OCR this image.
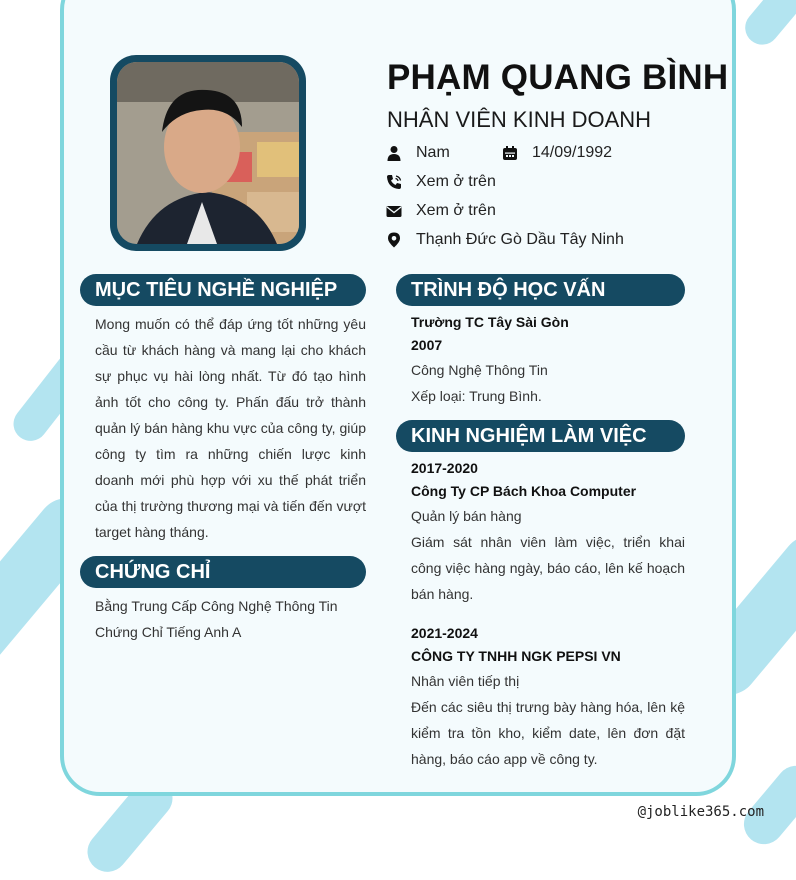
PHẠM QUANG BÌNH
NHÂN VIÊN KINH DOANH
Nam	14/09/1992
Xem ở trên
Xem ở trên
Thạnh Đức Gò Dầu Tây Ninh
MỤC TIÊU NGHỀ NGHIỆP
Mong muốn có thể đáp ứng tốt những yêu cầu từ khách hàng và mang lại cho khách sự phục vụ hài lòng nhất. Từ đó tạo hình ảnh tốt cho công ty. Phấn đấu trở thành quản lý bán hàng khu vực của công ty, giúp công ty tìm ra những chiến lược kinh doanh mới phù hợp với xu thế phát triển của thị trường thương mại và tiến đến vượt target hàng tháng.
CHỨNG CHỈ
Bằng Trung Cấp Công Nghệ Thông Tin
Chứng Chỉ Tiếng Anh A
TRÌNH ĐỘ HỌC VẤN
Trường TC Tây Sài Gòn
2007
Công Nghệ Thông Tin
Xếp loại: Trung Bình.
KINH NGHIỆM LÀM VIỆC
2017-2020
Công Ty CP Bách Khoa Computer
Quản lý bán hàng
Giám sát nhân viên làm việc, triển khai công việc hàng ngày, báo cáo, lên kế hoạch bán hàng.
2021-2024
CÔNG TY TNHH NGK PEPSI VN
Nhân viên tiếp thị
Đến các siêu thị trưng bày hàng hóa, lên kệ kiểm tra tồn kho, kiểm date, lên đơn đặt hàng, báo cáo app về công ty.
@joblike365.com
